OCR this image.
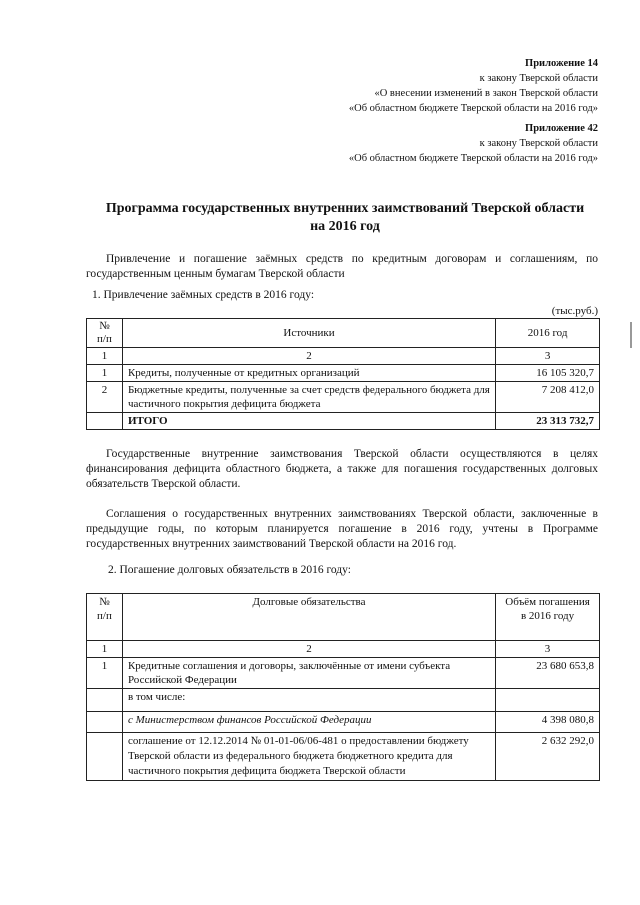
Приложение 14
к закону Тверской области
«О внесении изменений в закон Тверской области
«Об областном бюджете Тверской области на 2016 год»
Приложение 42
к закону Тверской области
«Об областном бюджете Тверской области на 2016 год»
Программа государственных внутренних заимствований Тверской области
на 2016 год
Привлечение и погашение заёмных средств по кредитным договорам и соглашениям, по государственным ценным бумагам Тверской области
1. Привлечение заёмных средств в 2016 году:
(тыс.руб.)
№
п/п	Источники	2016 год
1	2	3
1	Кредиты, полученные от кредитных организаций	16 105 320,7
2	Бюджетные кредиты, полученные за счет средств федерального бюджета для частичного покрытия дефицита бюджета	7 208 412,0
	ИТОГО	23 313 732,7
Государственные внутренние заимствования Тверской области осуществляются в целях финансирования дефицита областного бюджета, а также для погашения государственных долговых обязательств Тверской области.
Соглашения о государственных внутренних заимствованиях Тверской области, заключенные в предыдущие годы, по которым планируется погашение в 2016 году, учтены в Программе государственных внутренних заимствований Тверской области на 2016 год.
2. Погашение долговых обязательств в 2016 году:
№
п/п	Долговые обязательства	Объём погашения
в 2016 году
1	2	3
1	Кредитные соглашения и договоры, заключённые от имени субъекта Российской Федерации	23 680 653,8
	в том числе:	
	с Министерством финансов Российской Федерации	4 398 080,8
	соглашение от 12.12.2014 № 01-01-06/06-481 о предоставлении бюджету Тверской области из федерального бюджета бюджетного кредита для частичного покрытия дефицита бюджета Тверской области	2 632 292,0
